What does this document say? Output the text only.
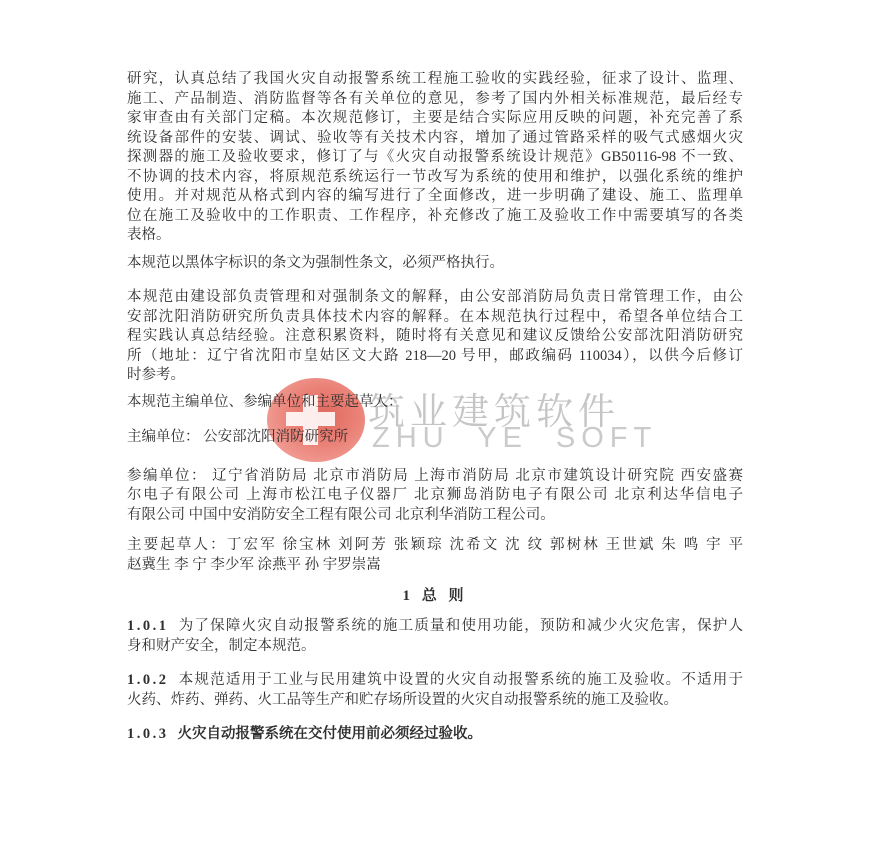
筑业建筑软件
ZHU YE SOFT
研究，认真总结了我国火灾自动报警系统工程施工验收的实践经验，征求了设计、监理、
施工、产品制造、消防监督等各有关单位的意见，参考了国内外相关标准规范，最后经专
家审查由有关部门定稿。本次规范修订，主要是结合实际应用反映的问题，补充完善了系
统设备部件的安装、调试、验收等有关技术内容，增加了通过管路采样的吸气式感烟火灾
探测器的施工及验收要求，修订了与《火灾自动报警系统设计规范》GB50116-98 不一致、
不协调的技术内容，将原规范系统运行一节改写为系统的使用和维护，以强化系统的维护
使用。并对规范从格式到内容的编写进行了全面修改，进一步明确了建设、施工、监理单
位在施工及验收中的工作职责、工作程序，补充修改了施工及验收工作中需要填写的各类
表格。
本规范以黑体字标识的条文为强制性条文，必须严格执行。
本规范由建设部负责管理和对强制条文的解释，由公安部消防局负责日常管理工作，由公
安部沈阳消防研究所负责具体技术内容的解释。在本规范执行过程中，希望各单位结合工
程实践认真总结经验。注意积累资料，随时将有关意见和建议反馈给公安部沈阳消防研究
所（地址：辽宁省沈阳市皇姑区文大路 218—20 号甲，邮政编码 110034），以供今后修订
时参考。
本规范主编单位、参编单位和主要起草人：
主编单位： 公安部沈阳消防研究所
参编单位： 辽宁省消防局 北京市消防局 上海市消防局 北京市建筑设计研究院 西安盛赛
尔电子有限公司 上海市松江电子仪器厂 北京狮岛消防电子有限公司 北京利达华信电子
有限公司 中国中安消防安全工程有限公司 北京利华消防工程公司。
主要起草人：丁宏军 徐宝林 刘阿芳 张颖琮 沈希文 沈 纹 郭树林 王世斌 朱 鸣 宇 平
赵冀生 李 宁 李少军 涂燕平 孙 宇罗崇嵩
1 总 则
1.0.1 为了保障火灾自动报警系统的施工质量和使用功能，预防和减少火灾危害，保护人
身和财产安全，制定本规范。
1.0.2 本规范适用于工业与民用建筑中设置的火灾自动报警系统的施工及验收。不适用于
火药、炸药、弹药、火工品等生产和贮存场所设置的火灾自动报警系统的施工及验收。
1.0.3 火灾自动报警系统在交付使用前必须经过验收。
